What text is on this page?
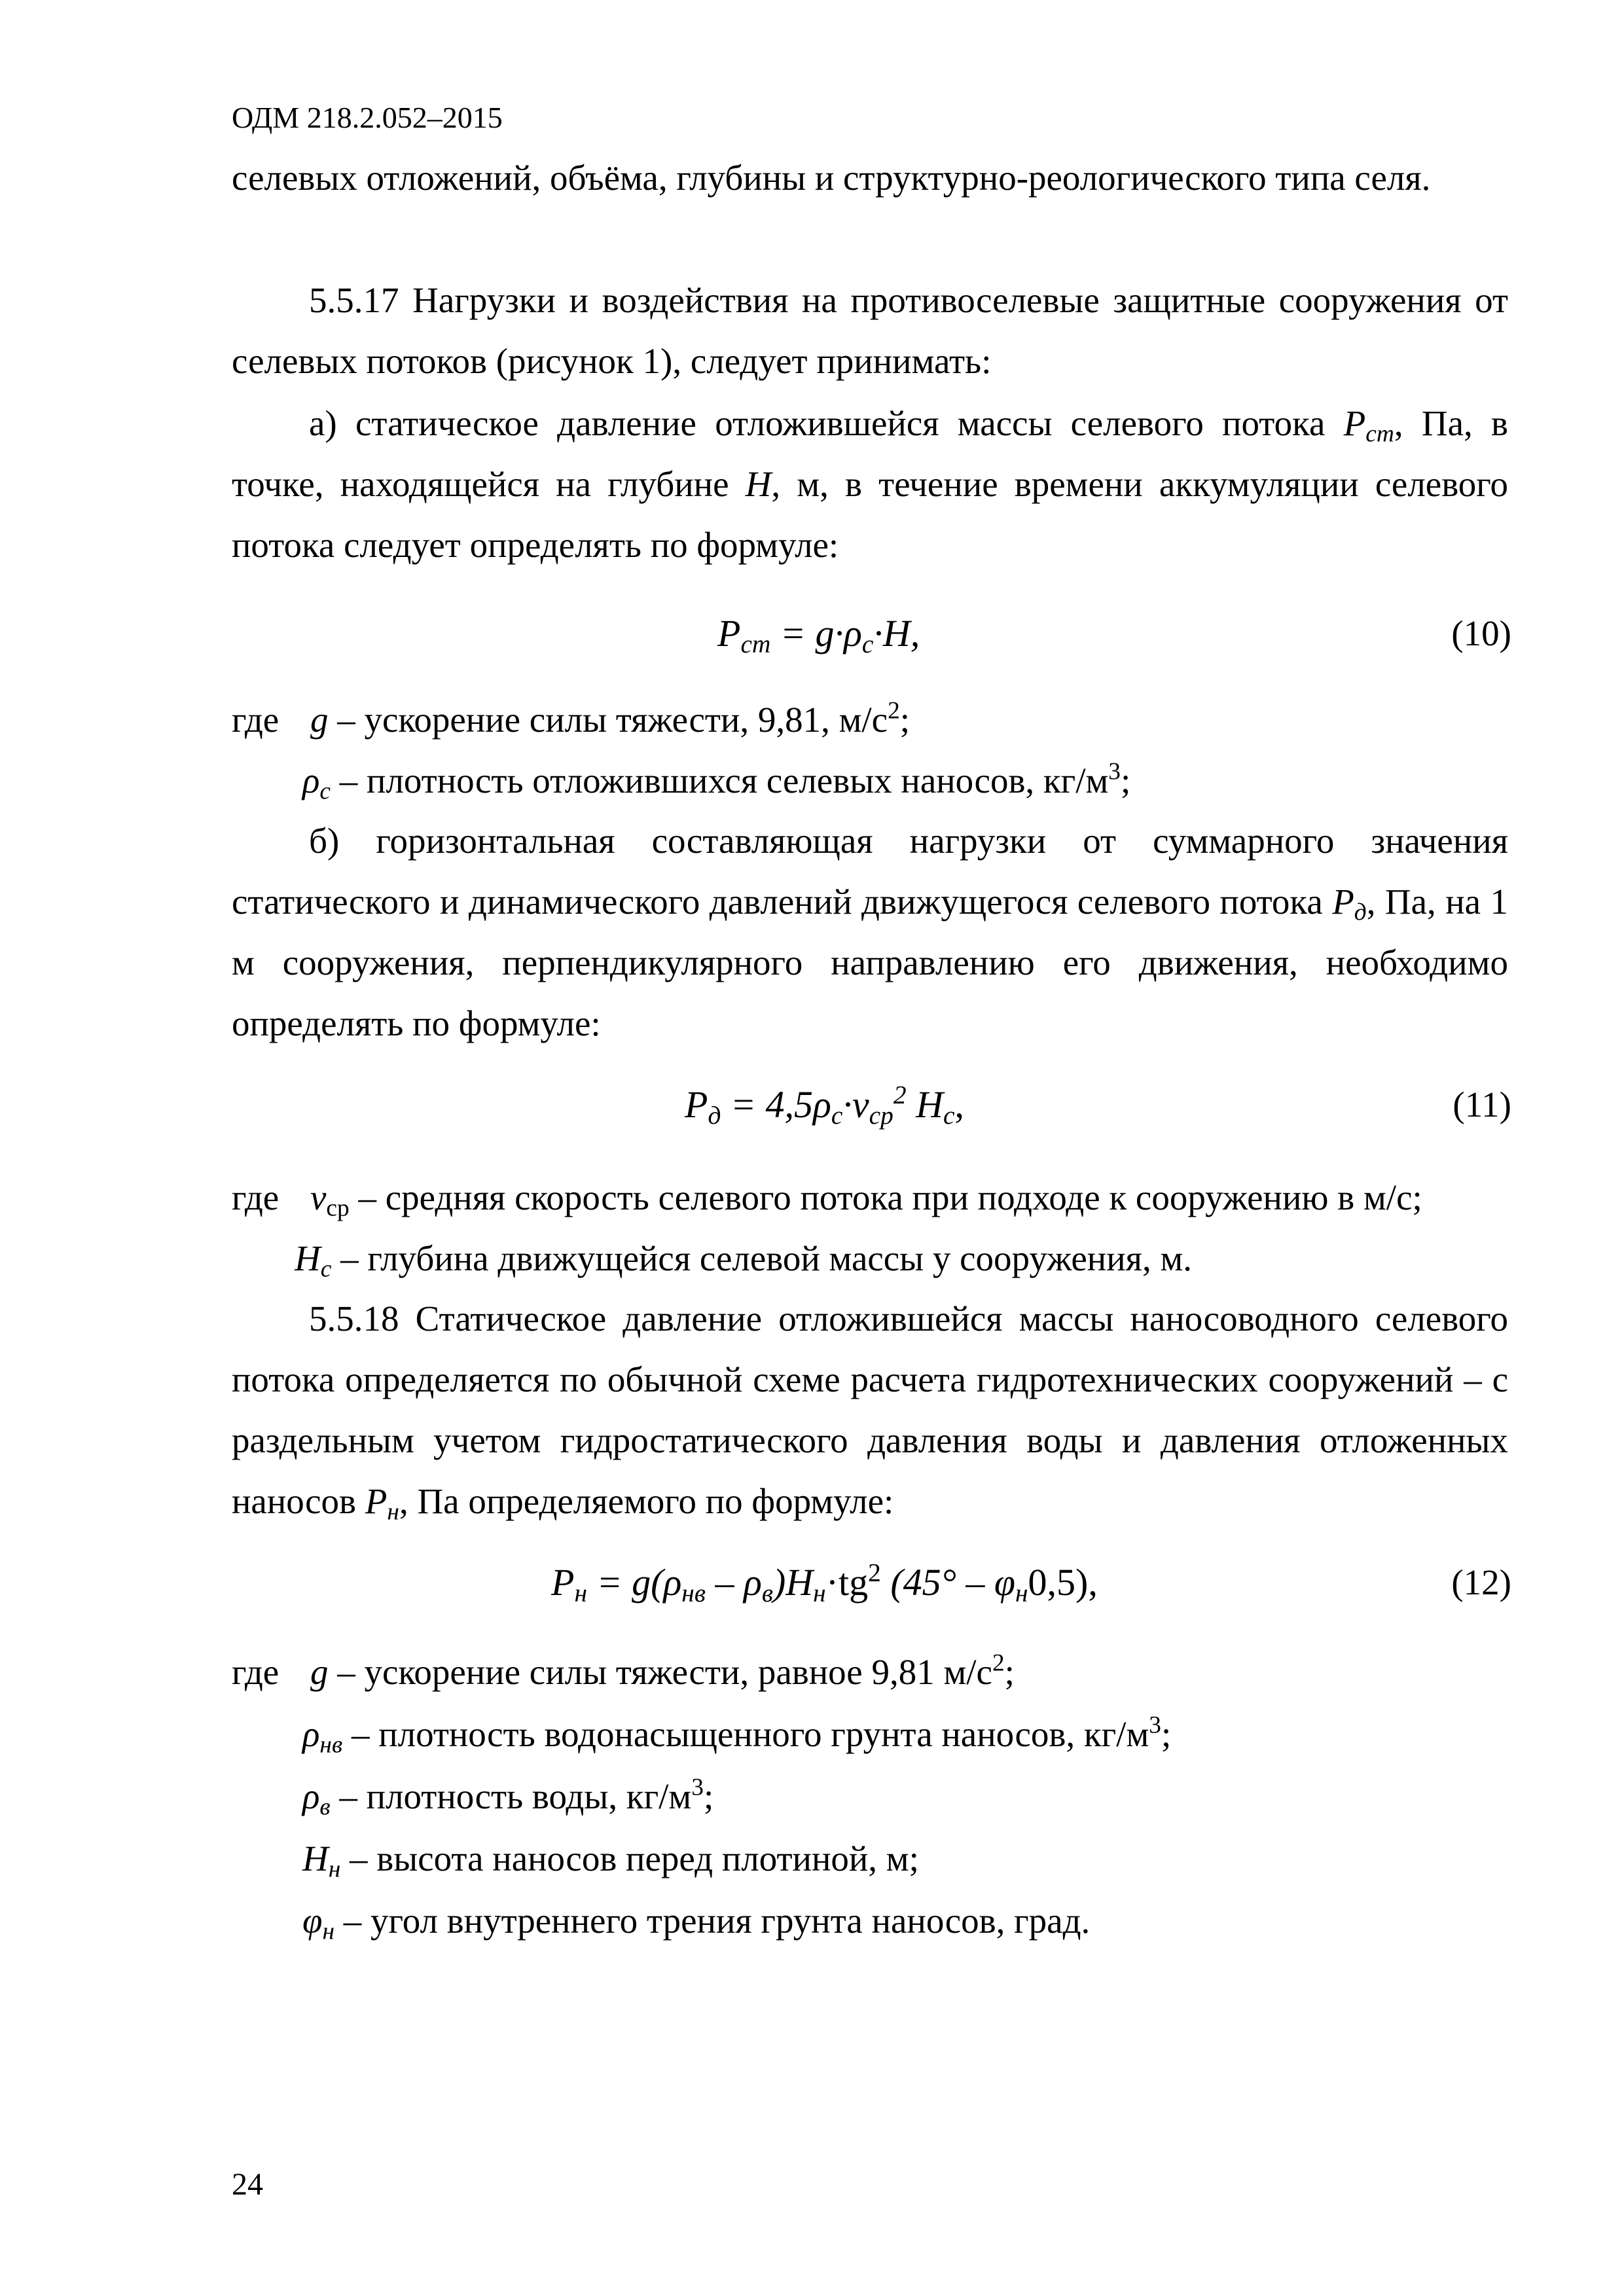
ОДМ 218.2.052–2015

селевых отложений, объёма, глубины и структурно-реологического типа селя.

5.5.17 Нагрузки и воздействия на противоселевые защитные сооружения от селевых потоков (рисунок 1), следует принимать:

а) статическое давление отложившейся массы селевого потока $P_{ст}$, Па, в точке, находящейся на глубине H, м, в течение времени аккумуляции селевого потока следует определять по формуле:

$P_{ст} = g\cdot\rho_с\cdot H$,	(10)
где g – ускорение силы тяжести, 9,81, $м/с^2$;
$\rho_с$ – плотность отложившихся селевых наносов, $кг/м^3$;

б) горизонтальная составляющая нагрузки от суммарного значения статического и динамического давлений движущегося селевого потока $P_д$, Па, на 1 м сооружения, перпендикулярного направлению его движения, необходимо определять по формуле:

$P_д = 4,5\rho_с\cdot v_{ср}^2$ $H_с$,	(11)
где $v_{ср}$ – средняя скорость селевого потока при подходе к сооружению в м/с;
$H_с$ – глубина движущейся селевой массы у сооружения, м.

5.5.18 Статическое давление отложившейся массы наносоводного селевого потока определяется по обычной схеме расчета гидротехнических сооружений – с раздельным учетом гидростатического давления воды и давления отложенных наносов $P_н$, Па определяемого по формуле:

$P_н = g(\rho_{нв} - \rho_в)H_н\cdot tg^2$ $(45^\circ - \varphi_н0,5)$,	(12)
где g – ускорение силы тяжести, равное 9,81 $м/с^2$;
$\rho_{нв}$ – плотность водонасыщенного грунта наносов, $кг/м^3$;
$\rho_в$ – плотность воды, $кг/м^3$;
$H_н$ – высота наносов перед плотиной, м;
$\varphi_н$ – угол внутреннего трения грунта наносов, град.
24
